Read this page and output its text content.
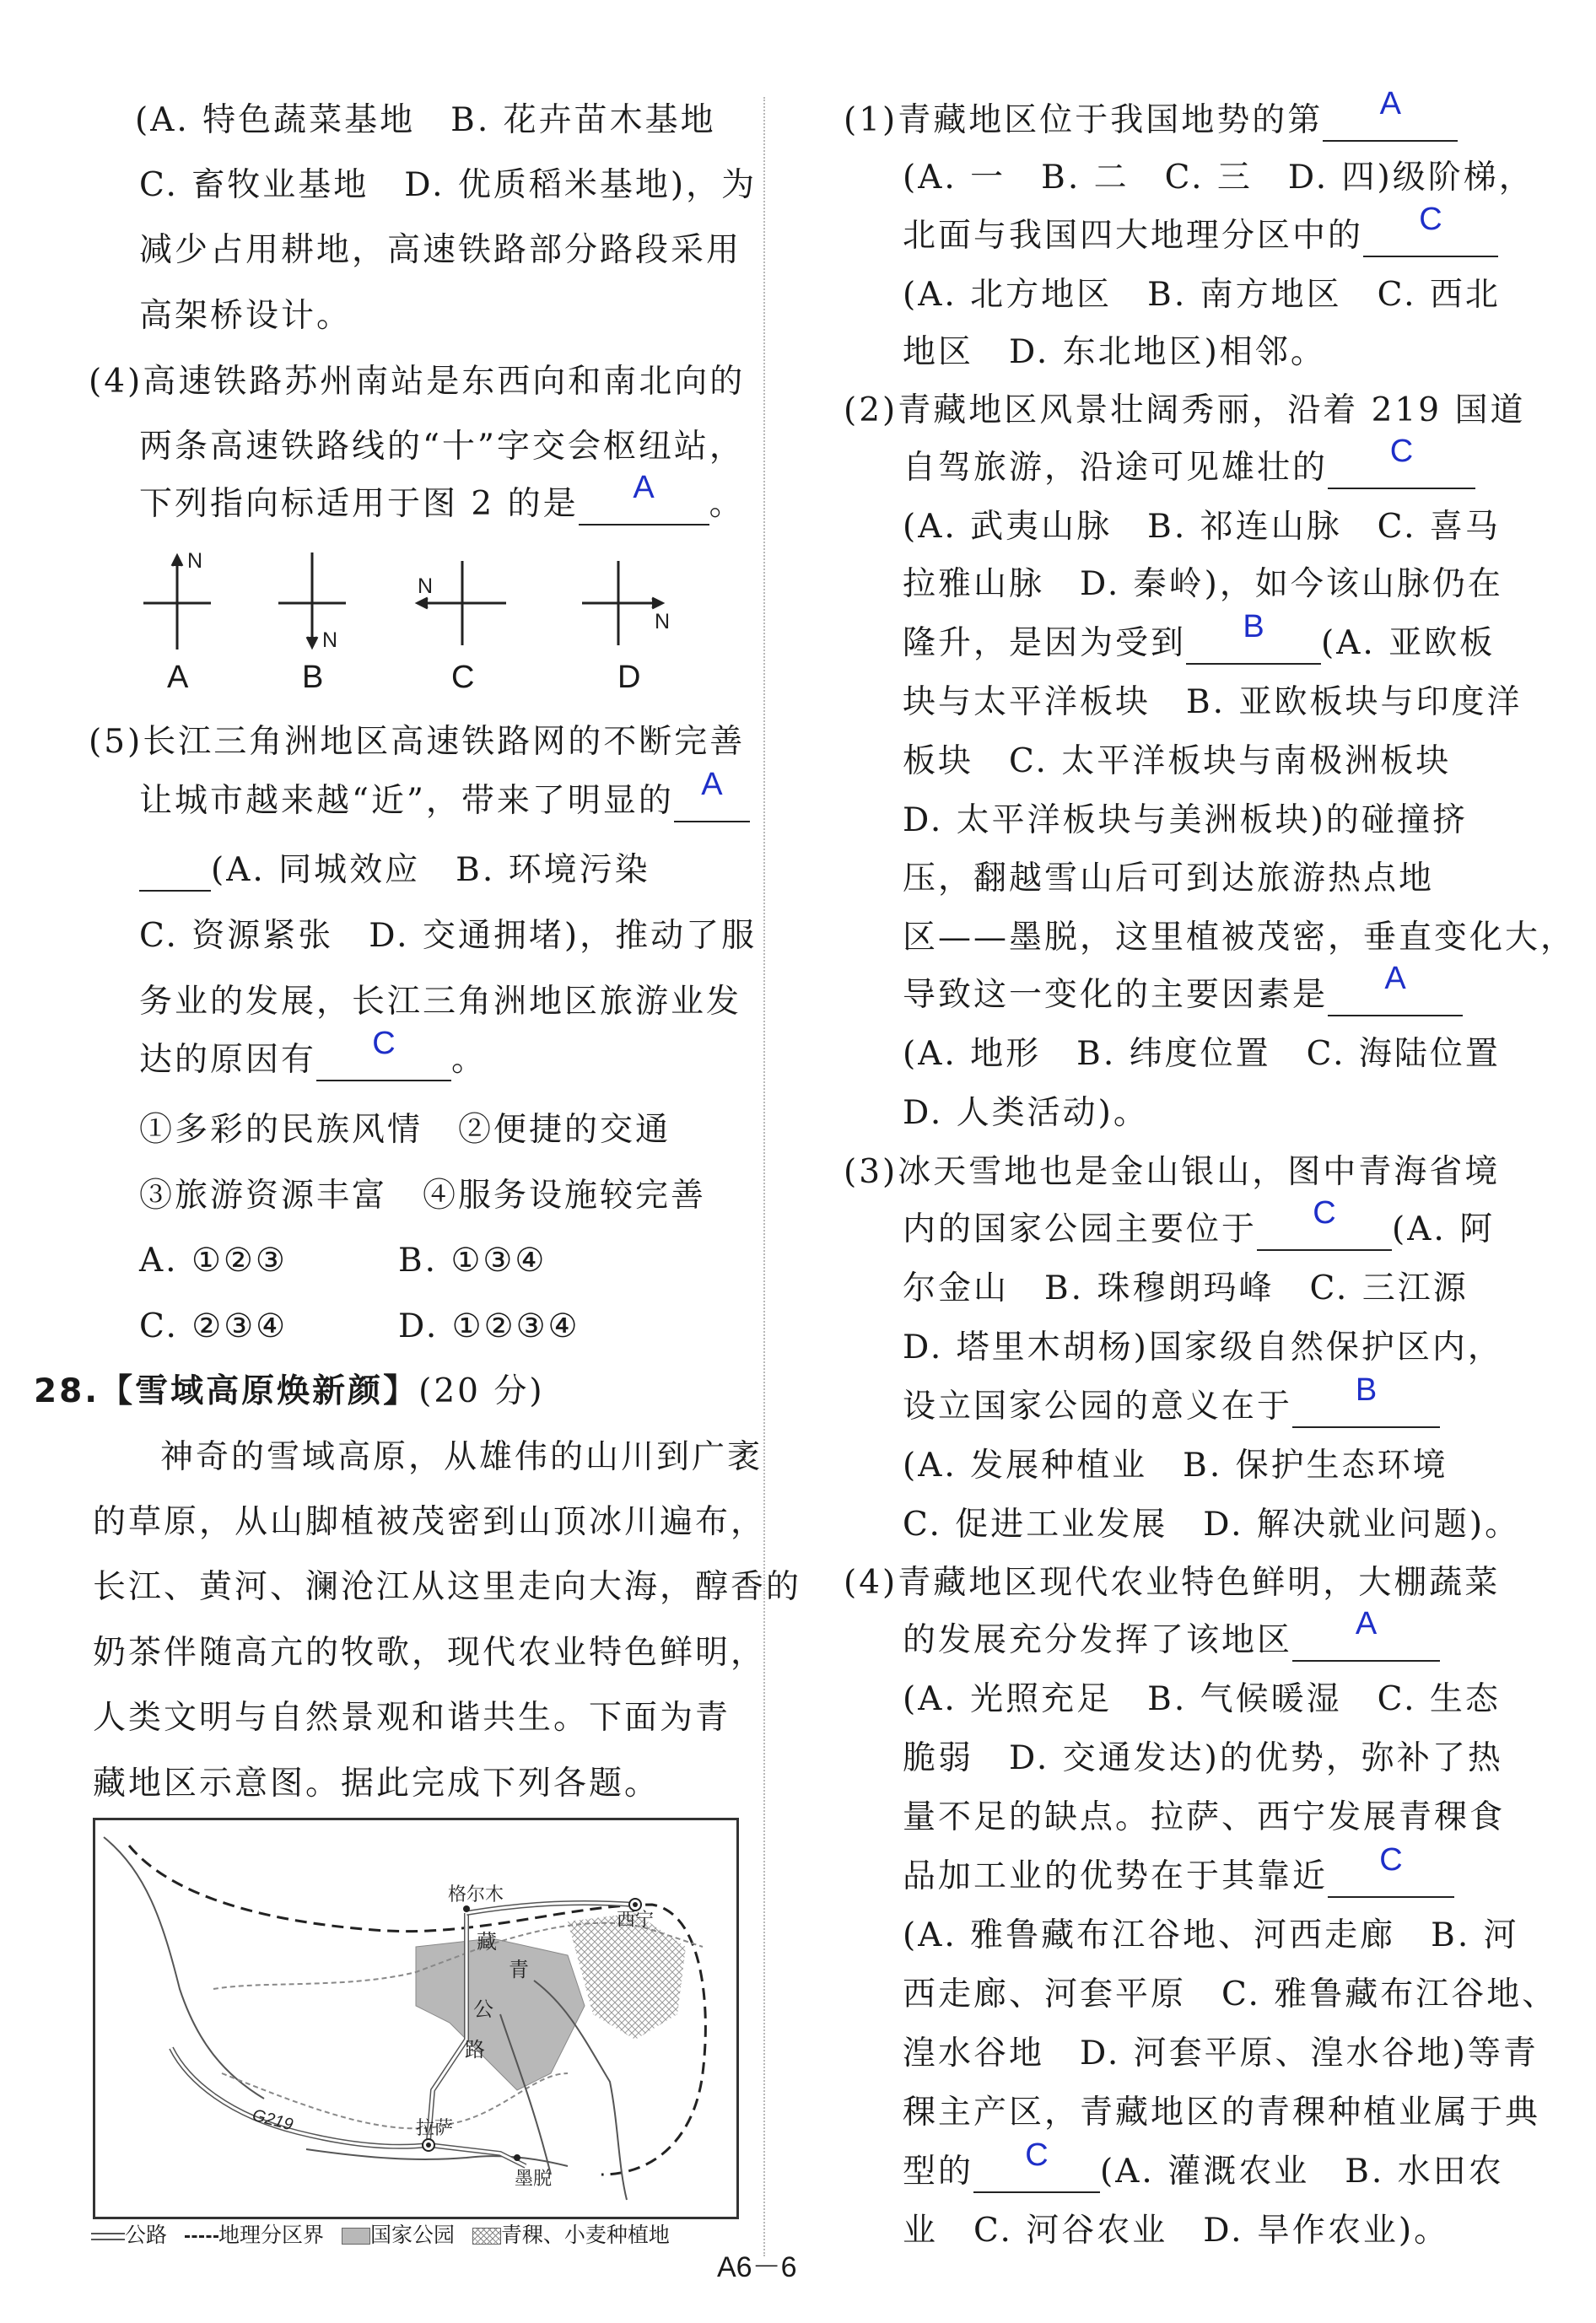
(A. 特色蔬菜基地　B. 花卉苗木基地
C. 畜牧业基地　D. 优质稻米基地)，为
减少占用耕地，高速铁路部分路段采用
高架桥设计。
(4)高速铁路苏州南站是东西向和南北向的
两条高速铁路线的“十”字交会枢纽站，
下列指向标适用于图 2 的是	A	。
N
N
N
N
A	B	C	D
(5)长江三角洲地区高速铁路网的不断完善
让城市越来越“近”，带来了明显的 A
(A. 同城效应　B. 环境污染
C. 资源紧张　D. 交通拥堵)，推动了服
务业的发展，长江三角洲地区旅游业发
达的原因有	C	。
①多彩的民族风情　②便捷的交通
③旅游资源丰富　④服务设施较完善
A. ①②③	B. ①③④
C. ②③④	D. ①②③④
28.【雪域高原焕新颜】(20 分)
神奇的雪域高原，从雄伟的山川到广袤
的草原，从山脚植被茂密到山顶冰川遍布，
长江、黄河、澜沧江从这里走向大海，醇香的
奶茶伴随高亢的牧歌，现代农业特色鲜明，
人类文明与自然景观和谐共生。下面为青
藏地区示意图。据此完成下列各题。
格尔木
西宁
拉萨
墨脱
藏
青
公
路
G219
公路 地理分区界 国家公园 青稞、小麦种植地
(1)青藏地区位于我国地势的第	A
(A. 一　B. 二　C. 三　D. 四)级阶梯，
北面与我国四大地理分区中的	C
(A. 北方地区　B. 南方地区　C. 西北
地区　D. 东北地区)相邻。
(2)青藏地区风景壮阔秀丽，沿着 219 国道
自驾旅游，沿途可见雄壮的	C
(A. 武夷山脉　B. 祁连山脉　C. 喜马
拉雅山脉　D. 秦岭)，如今该山脉仍在
隆升，是因为受到	B	(A. 亚欧板
块与太平洋板块　B. 亚欧板块与印度洋
板块　C. 太平洋板块与南极洲板块
D. 太平洋板块与美洲板块)的碰撞挤
压，翻越雪山后可到达旅游热点地
区——墨脱，这里植被茂密，垂直变化大，
导致这一变化的主要因素是	A
(A. 地形　B. 纬度位置　C. 海陆位置
D. 人类活动)。
(3)冰天雪地也是金山银山，图中青海省境
内的国家公园主要位于	C	(A. 阿
尔金山　B. 珠穆朗玛峰　C. 三江源
D. 塔里木胡杨)国家级自然保护区内，
设立国家公园的意义在于	B
(A. 发展种植业　B. 保护生态环境
C. 促进工业发展　D. 解决就业问题)。
(4)青藏地区现代农业特色鲜明，大棚蔬菜
的发展充分发挥了该地区	A
(A. 光照充足　B. 气候暖湿　C. 生态
脆弱　D. 交通发达)的优势，弥补了热
量不足的缺点。拉萨、西宁发展青稞食
品加工业的优势在于其靠近	C
(A. 雅鲁藏布江谷地、河西走廊　B. 河
西走廊、河套平原　C. 雅鲁藏布江谷地、
湟水谷地　D. 河套平原、湟水谷地)等青
稞主产区，青藏地区的青稞种植业属于典
型的	C	(A. 灌溉农业　B. 水田农
业　C. 河谷农业　D. 旱作农业)。
A6－6
